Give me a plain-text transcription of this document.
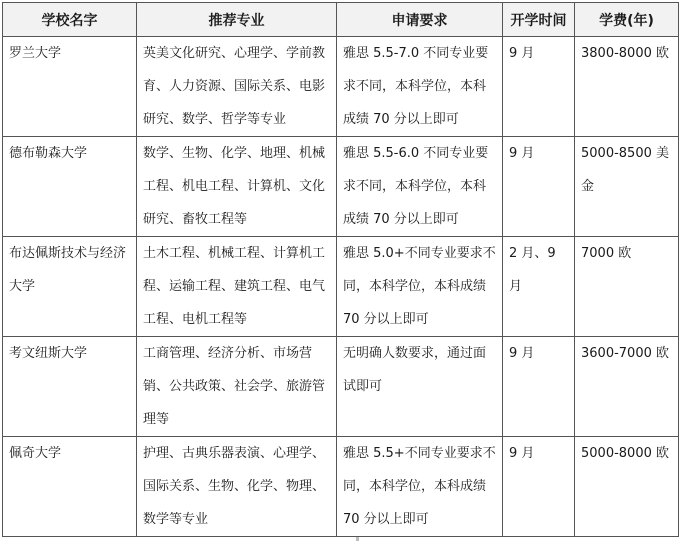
学校名字	推荐专业	申请要求	开学时间	学费(年)

罗兰大学	英美文化研究、心理学、学前教育、人力资源、国际关系、电影研究、数学、哲学等专业	雅思 5.5-7.0 不同专业要求不同，本科学位，本科成绩 70 分以上即可	9 月	3800-8000 欧

德布勒森大学	数学、生物、化学、地理、机械工程、机电工程、计算机、文化研究、畜牧工程等	雅思 5.5-6.0 不同专业要求不同，本科学位，本科成绩 70 分以上即可	9 月	5000-8500 美金

布达佩斯技术与经济大学	土木工程、机械工程、计算机工程、运输工程、建筑工程、电气工程、电机工程等	雅思 5.0+不同专业要求不同，本科学位，本科成绩 70 分以上即可	2 月、9 月	7000 欧

考文纽斯大学	工商管理、经济分析、市场营销、公共政策、社会学、旅游管理等	无明确人数要求，通过面试即可	9 月	3600-7000 欧

佩奇大学	护理、古典乐器表演、心理学、国际关系、生物、化学、物理、数学等专业	雅思 5.5+不同专业要求不同，本科学位，本科成绩 70 分以上即可	9 月	5000-8000 欧
